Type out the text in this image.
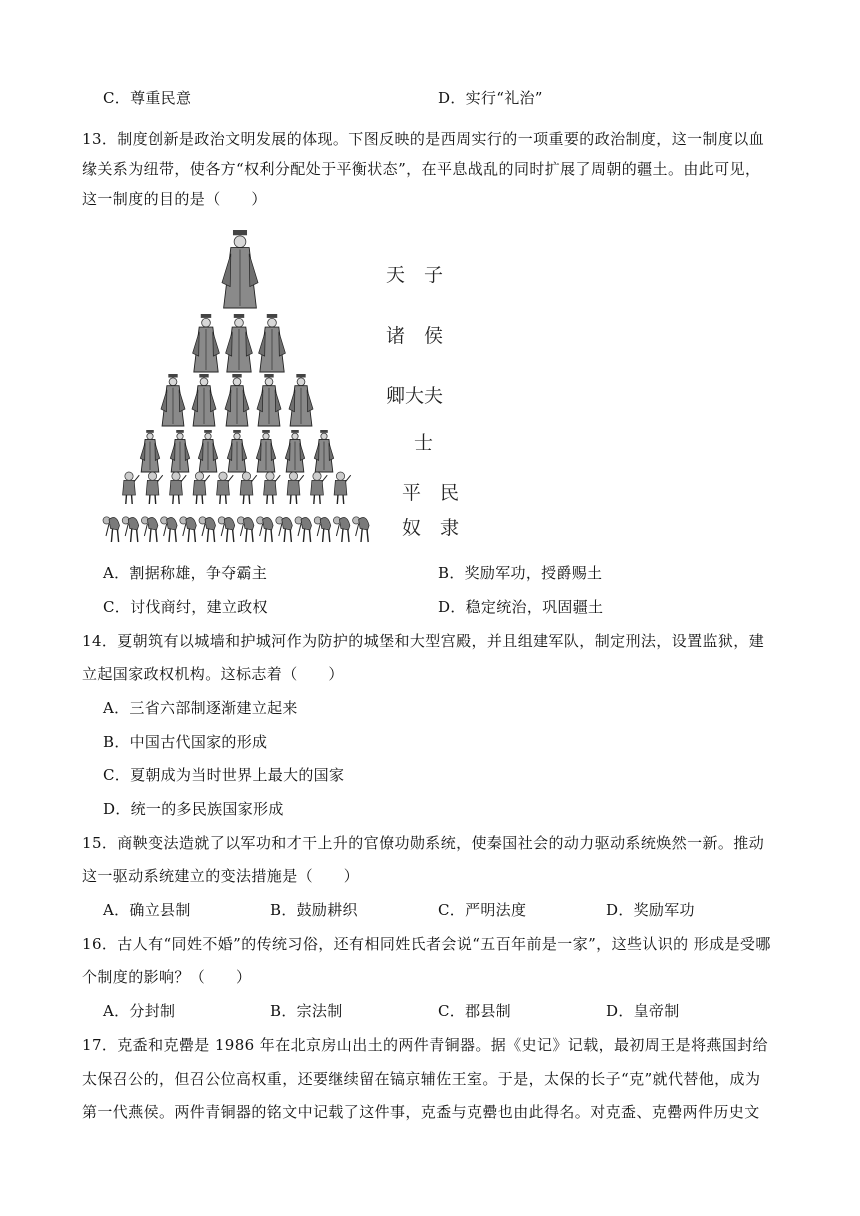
C．尊重民意	D．实行“礼治”
13．制度创新是政治文明发展的体现。下图反映的是西周实行的一项重要的政治制度，这一制度以血
缘关系为纽带，使各方“权利分配处于平衡状态”，在平息战乱的同时扩展了周朝的疆土。由此可见，
这一制度的目的是（　　）
天　子
诸　侯
卿大夫
士
平　民
奴　隶
A．割据称雄，争夺霸主	B．奖励军功，授爵赐土
C．讨伐商纣，建立政权	D．稳定统治，巩固疆土
14．夏朝筑有以城墙和护城河作为防护的城堡和大型宫殿，并且组建军队，制定刑法，设置监狱，建
立起国家政权机构。这标志着（　　）
A．三省六部制逐渐建立起来
B．中国古代国家的形成
C．夏朝成为当时世界上最大的国家
D．统一的多民族国家形成
15．商鞅变法造就了以军功和才干上升的官僚功勋系统，使秦国社会的动力驱动系统焕然一新。推动
这一驱动系统建立的变法措施是（　　）
A．确立县制	B．鼓励耕织	C．严明法度	D．奖励军功
16．古人有“同姓不婚”的传统习俗，还有相同姓氏者会说“五百年前是一家”，这些认识的 形成是受哪
个制度的影响？（　　）
A．分封制	B．宗法制	C．郡县制	D．皇帝制
17．克盉和克罍是 1986 年在北京房山出土的两件青铜器。据《史记》记载，最初周王是将燕国封给
太保召公的，但召公位高权重，还要继续留在镐京辅佐王室。于是，太保的长子“克”就代替他，成为
第一代燕侯。两件青铜器的铭文中记载了这件事，克盉与克罍也由此得名。对克盉、克罍两件历史文
